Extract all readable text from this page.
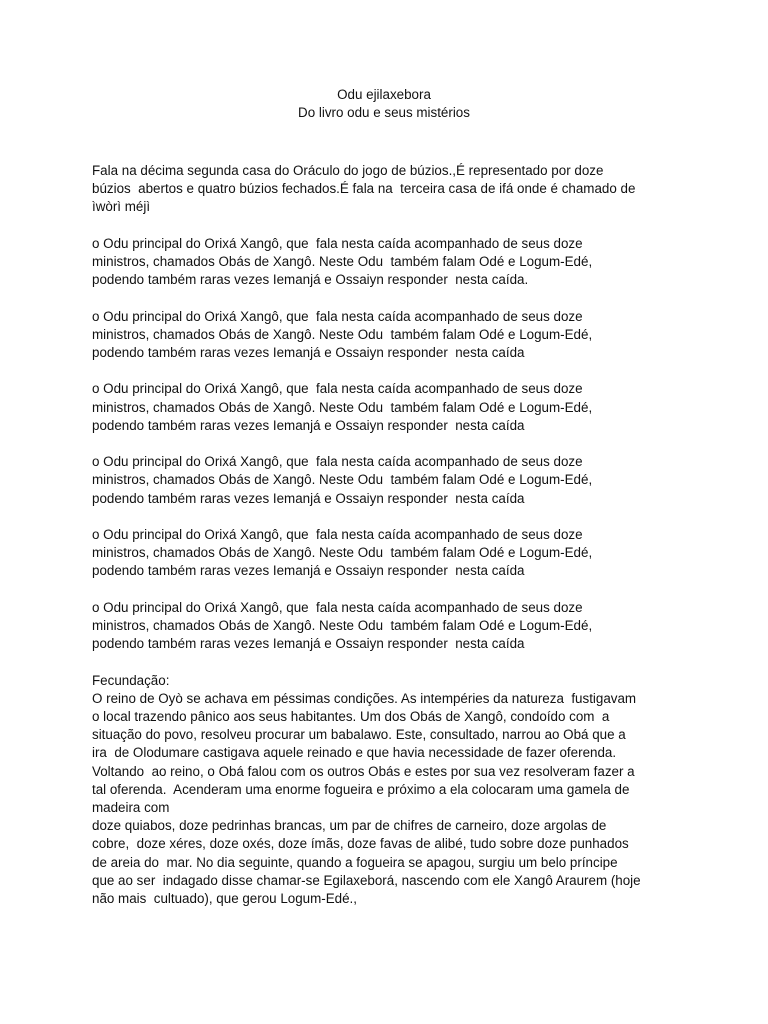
Odu ejilaxebora
Do livro odu e seus mistérios
Fala na décima segunda casa do Oráculo do jogo de búzios.,É representado por doze
búzios  abertos e quatro búzios fechados.É fala na  terceira casa de ifá onde é chamado de
ìwòrì méjì
o Odu principal do Orixá Xangô, que  fala nesta caída acompanhado de seus doze
ministros, chamados Obás de Xangô. Neste Odu  também falam Odé e Logum-Edé,
podendo também raras vezes Iemanjá e Ossaiyn responder  nesta caída.
o Odu principal do Orixá Xangô, que  fala nesta caída acompanhado de seus doze
ministros, chamados Obás de Xangô. Neste Odu  também falam Odé e Logum-Edé,
podendo também raras vezes Iemanjá e Ossaiyn responder  nesta caída
o Odu principal do Orixá Xangô, que  fala nesta caída acompanhado de seus doze
ministros, chamados Obás de Xangô. Neste Odu  também falam Odé e Logum-Edé,
podendo também raras vezes Iemanjá e Ossaiyn responder  nesta caída
o Odu principal do Orixá Xangô, que  fala nesta caída acompanhado de seus doze
ministros, chamados Obás de Xangô. Neste Odu  também falam Odé e Logum-Edé,
podendo também raras vezes Iemanjá e Ossaiyn responder  nesta caída
o Odu principal do Orixá Xangô, que  fala nesta caída acompanhado de seus doze
ministros, chamados Obás de Xangô. Neste Odu  também falam Odé e Logum-Edé,
podendo também raras vezes Iemanjá e Ossaiyn responder  nesta caída
o Odu principal do Orixá Xangô, que  fala nesta caída acompanhado de seus doze
ministros, chamados Obás de Xangô. Neste Odu  também falam Odé e Logum-Edé,
podendo também raras vezes Iemanjá e Ossaiyn responder  nesta caída
Fecundação:
O reino de Oyò se achava em péssimas condições. As intempéries da natureza  fustigavam
o local trazendo pânico aos seus habitantes. Um dos Obás de Xangô, condoído com  a
situação do povo, resolveu procurar um babalawo. Este, consultado, narrou ao Obá que a
ira  de Olodumare castigava aquele reinado e que havia necessidade de fazer oferenda.
Voltando  ao reino, o Obá falou com os outros Obás e estes por sua vez resolveram fazer a
tal oferenda.  Acenderam uma enorme fogueira e próximo a ela colocaram uma gamela de
madeira com
doze quiabos, doze pedrinhas brancas, um par de chifres de carneiro, doze argolas de
cobre,  doze xéres, doze oxés, doze ímãs, doze favas de alibé, tudo sobre doze punhados
de areia do  mar. No dia seguinte, quando a fogueira se apagou, surgiu um belo príncipe
que ao ser  indagado disse chamar-se Egilaxeborá, nascendo com ele Xangô Araurem (hoje
não mais  cultuado), que gerou Logum-Edé.,
